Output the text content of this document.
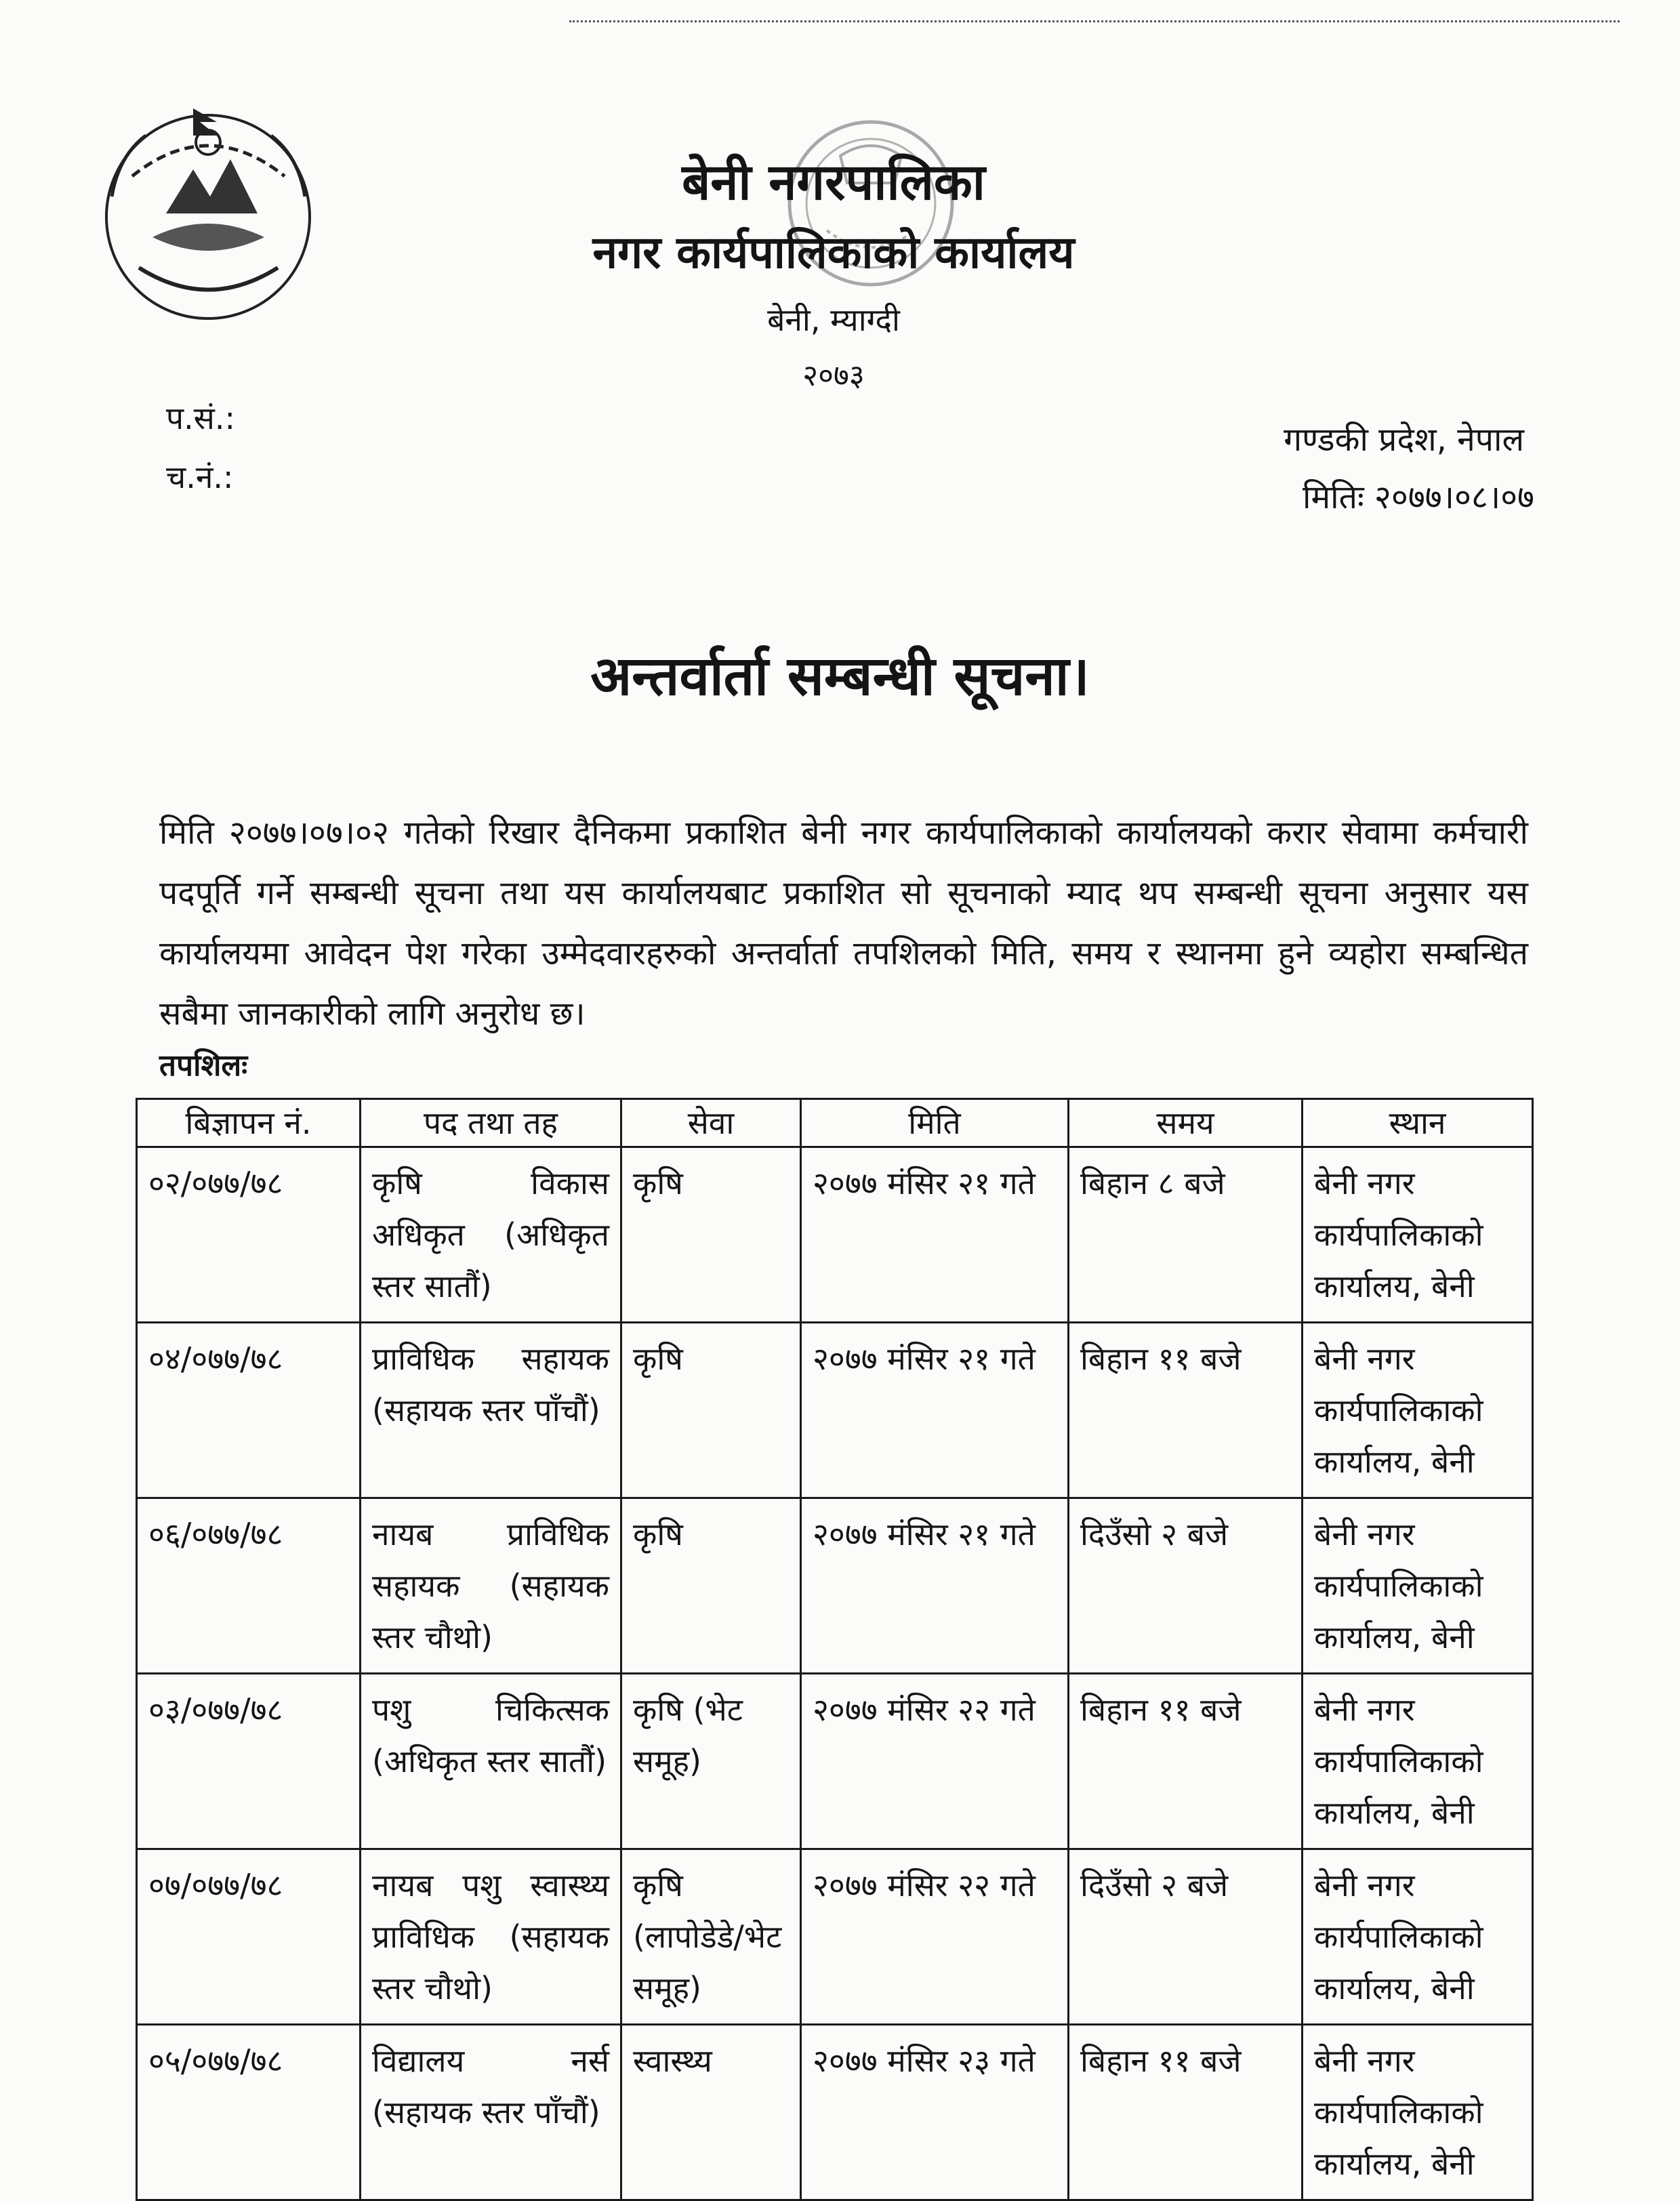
बेनी नगरपालिका
नगर कार्यपालिकाको कार्यालय
बेनी, म्याग्दी
२०७३
प.सं.:
च.नं.:
गण्डकी प्रदेश, नेपाल
मितिः २०७७।०८।०७
अन्तर्वार्ता सम्बन्धी सूचना।
मिति २०७७।०७।०२ गतेको रिखार दैनिकमा प्रकाशित बेनी नगर कार्यपालिकाको कार्यालयको करार सेवामा कर्मचारी पदपूर्ति गर्ने सम्बन्धी सूचना तथा यस कार्यालयबाट प्रकाशित सो सूचनाको म्याद थप सम्बन्धी सूचना अनुसार यस कार्यालयमा आवेदन पेश गरेका उम्मेदवारहरुको अन्तर्वार्ता तपशिलको मिति, समय र स्थानमा हुने व्यहोरा सम्बन्धित सबैमा जानकारीको लागि अनुरोध छ।
तपशिलः
बिज्ञापन नं.	पद तथा तह	सेवा	मिति	समय	स्थान
०२/०७७/७८	कृषि विकास अधिकृत (अधिकृत स्तर सातौं)	कृषि	२०७७ मंसिर २१ गते	बिहान ८ बजे	बेनी नगर कार्यपालिकाको कार्यालय, बेनी
०४/०७७/७८	प्राविधिक सहायक (सहायक स्तर पाँचौं)	कृषि	२०७७ मंसिर २१ गते	बिहान ११ बजे	बेनी नगर कार्यपालिकाको कार्यालय, बेनी
०६/०७७/७८	नायब प्राविधिक सहायक (सहायक स्तर चौथो)	कृषि	२०७७ मंसिर २१ गते	दिउँसो २ बजे	बेनी नगर कार्यपालिकाको कार्यालय, बेनी
०३/०७७/७८	पशु चिकित्सक (अधिकृत स्तर सातौं)	कृषि (भेट समूह)	२०७७ मंसिर २२ गते	बिहान ११ बजे	बेनी नगर कार्यपालिकाको कार्यालय, बेनी
०७/०७७/७८	नायब पशु स्वास्थ्य प्राविधिक (सहायक स्तर चौथो)	कृषि (लापोडेडे/भेट समूह)	२०७७ मंसिर २२ गते	दिउँसो २ बजे	बेनी नगर कार्यपालिकाको कार्यालय, बेनी
०५/०७७/७८	विद्यालय नर्स (सहायक स्तर पाँचौं)	स्वास्थ्य	२०७७ मंसिर २३ गते	बिहान ११ बजे	बेनी नगर कार्यपालिकाको कार्यालय, बेनी
